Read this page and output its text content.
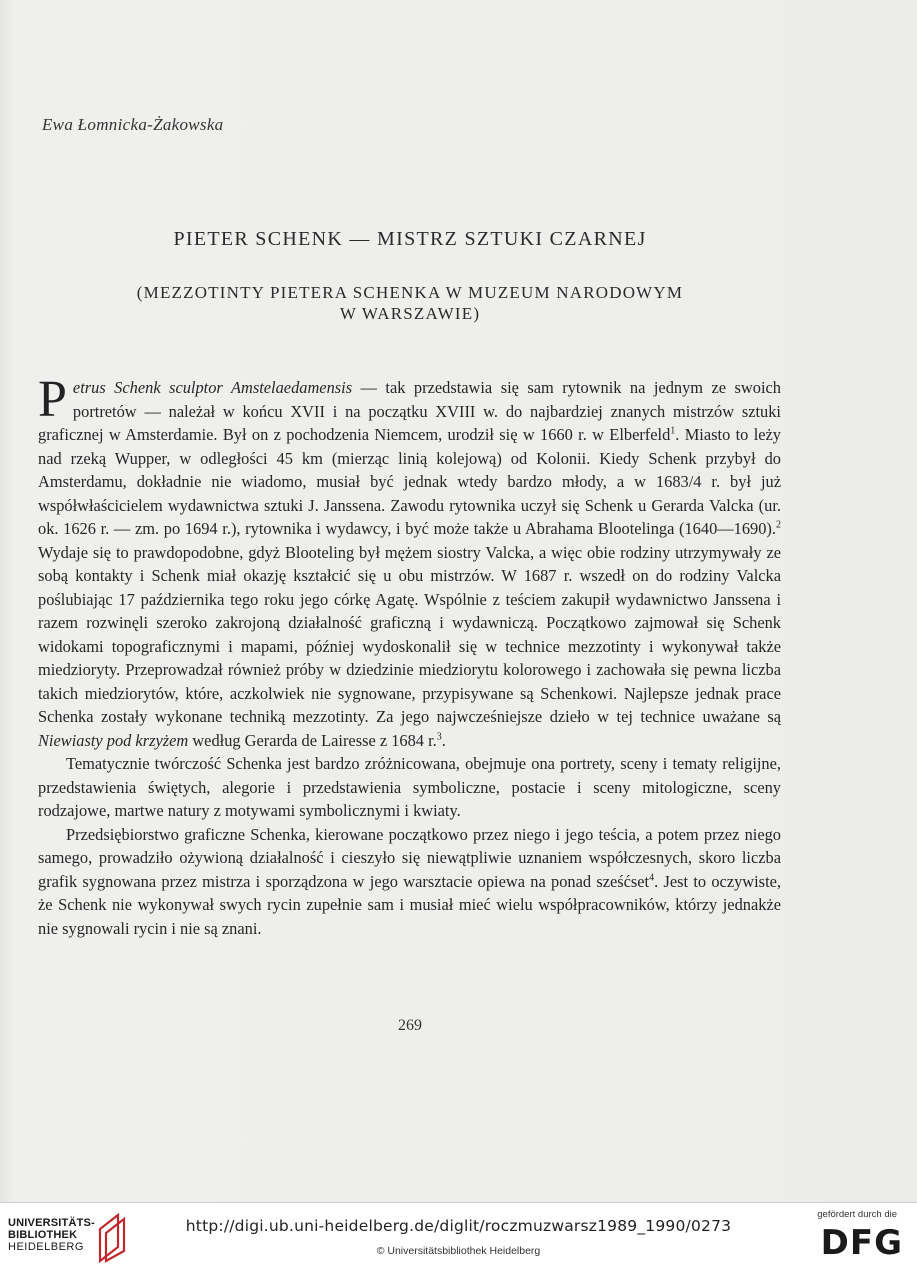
Ewa Łomnicka-Żakowska
PIETER SCHENK — MISTRZ SZTUKI CZARNEJ
(MEZZOTINTY PIETERA SCHENKA W MUZEUM NARODOWYM
W WARSZAWIE)

P etrus Schenk sculptor Amstelaedamensis — tak przedstawia się sam rytownik na jednym ze swoich portretów — należał w końcu XVII i na początku XVIII w. do najbardziej znanych mistrzów sztuki graficznej w Amsterdamie. Był on z pochodzenia Niemcem, urodził się w 1660 r. w Elberfeld$^1$. Miasto to leży nad rzeką Wupper, w odległości 45 km (mierząc linią kolejową) od Kolonii. Kiedy Schenk przybył do Amsterdamu, dokładnie nie wiadomo, musiał być jednak wtedy bardzo młody, a w 1683/4 r. był już współwłaścicielem wydawnictwa sztuki J. Janssena. Zawodu rytownika uczył się Schenk u Gerarda Valcka (ur. ok. 1626 r. — zm. po 1694 r.), rytownika i wydawcy, i być może także u Abrahama Blootelinga (1640—1690).$^2$ Wydaje się to prawdopodobne, gdyż Blooteling był mężem siostry Valcka, a więc obie rodziny utrzymywały ze sobą kontakty i Schenk miał okazję kształcić się u obu mistrzów. W 1687 r. wszedł on do rodziny Valcka poślubiając 17 października tego roku jego córkę Agatę. Wspólnie z teściem zakupił wydawnictwo Janssena i razem rozwinęli szeroko zakrojoną działalność graficzną i wydawniczą. Początkowo zajmował się Schenk widokami topograficznymi i mapami, później wydoskonalił się w technice mezzotinty i wykonywał także miedzioryty. Przeprowadzał również próby w dziedzinie miedziorytu kolorowego i zachowała się pewna liczba takich miedziorytów, które, aczkolwiek nie sygnowane, przypisywane są Schenkowi. Najlepsze jednak prace Schenka zostały wykonane techniką mezzotinty. Za jego najwcześniejsze dzieło w tej technice uważane są Niewiasty pod krzyżem według Gerarda de Lairesse z 1684 r.$^3$.

Tematycznie twórczość Schenka jest bardzo zróżnicowana, obejmuje ona portrety, sceny i tematy religijne, przedstawienia świętych, alegorie i przedstawienia symboliczne, postacie i sceny mitologiczne, sceny rodzajowe, martwe natury z motywami symbolicznymi i kwiaty.

Przedsiębiorstwo graficzne Schenka, kierowane początkowo przez niego i jego teścia, a potem przez niego samego, prowadziło ożywioną działalność i cieszyło się niewątpliwie uznaniem współczesnych, skoro liczba grafik sygnowana przez mistrza i sporządzona w jego warsztacie opiewa na ponad sześćset$^4$. Jest to oczywiste, że Schenk nie wykonywał swych rycin zupełnie sam i musiał mieć wielu współpracowników, którzy jednakże nie sygnowali rycin i nie są znani.

269
UNIVERSITÄTS-
BIBLIOTHEK
HEIDELBERG
http://digi.ub.uni-heidelberg.de/diglit/roczmuzwarsz1989_1990/0273
© Universitätsbibliothek Heidelberg
gefördert durch die
DFG
